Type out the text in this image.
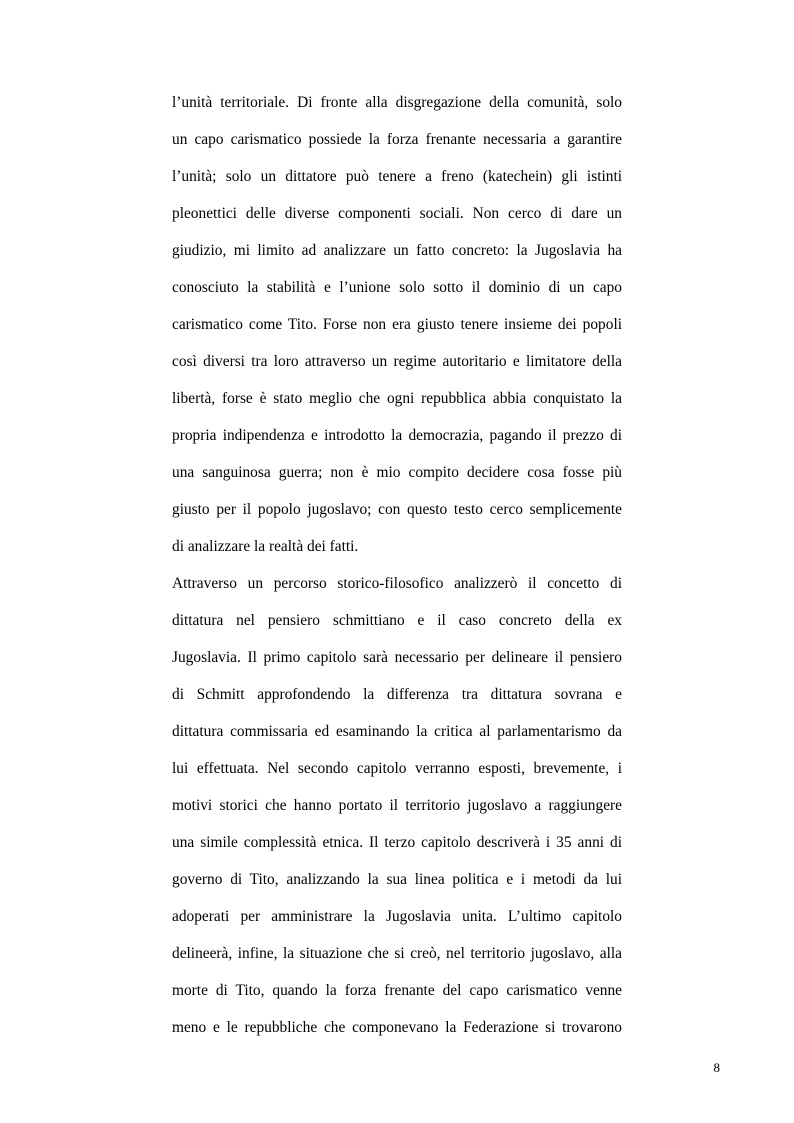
l’unità territoriale. Di fronte alla disgregazione della comunità, solo
un capo carismatico possiede la forza frenante necessaria a garantire
l’unità; solo un dittatore può tenere a freno (katechein) gli istinti
pleonettici delle diverse componenti sociali. Non cerco di dare un
giudizio, mi limito ad analizzare un fatto concreto: la Jugoslavia ha
conosciuto la stabilità e l’unione solo sotto il dominio di un capo
carismatico come Tito. Forse non era giusto tenere insieme dei popoli
così diversi tra loro attraverso un regime autoritario e limitatore della
libertà, forse è stato meglio che ogni repubblica abbia conquistato la
propria indipendenza e introdotto la democrazia, pagando il prezzo di
una sanguinosa guerra; non è mio compito decidere cosa fosse più
giusto per il popolo jugoslavo; con questo testo cerco semplicemente
di analizzare la realtà dei fatti.
Attraverso un percorso storico-filosofico analizzerò il concetto di
dittatura nel pensiero schmittiano e il caso concreto della ex
Jugoslavia. Il primo capitolo sarà necessario per delineare il pensiero
di Schmitt approfondendo la differenza tra dittatura sovrana e
dittatura commissaria ed esaminando la critica al parlamentarismo da
lui effettuata. Nel secondo capitolo verranno esposti, brevemente, i
motivi storici che hanno portato il territorio jugoslavo a raggiungere
una simile complessità etnica. Il terzo capitolo descriverà i 35 anni di
governo di Tito, analizzando la sua linea politica e i metodi da lui
adoperati per amministrare la Jugoslavia unita. L’ultimo capitolo
delineerà, infine, la situazione che si creò, nel territorio jugoslavo, alla
morte di Tito, quando la forza frenante del capo carismatico venne
meno e le repubbliche che componevano la Federazione si trovarono
8
